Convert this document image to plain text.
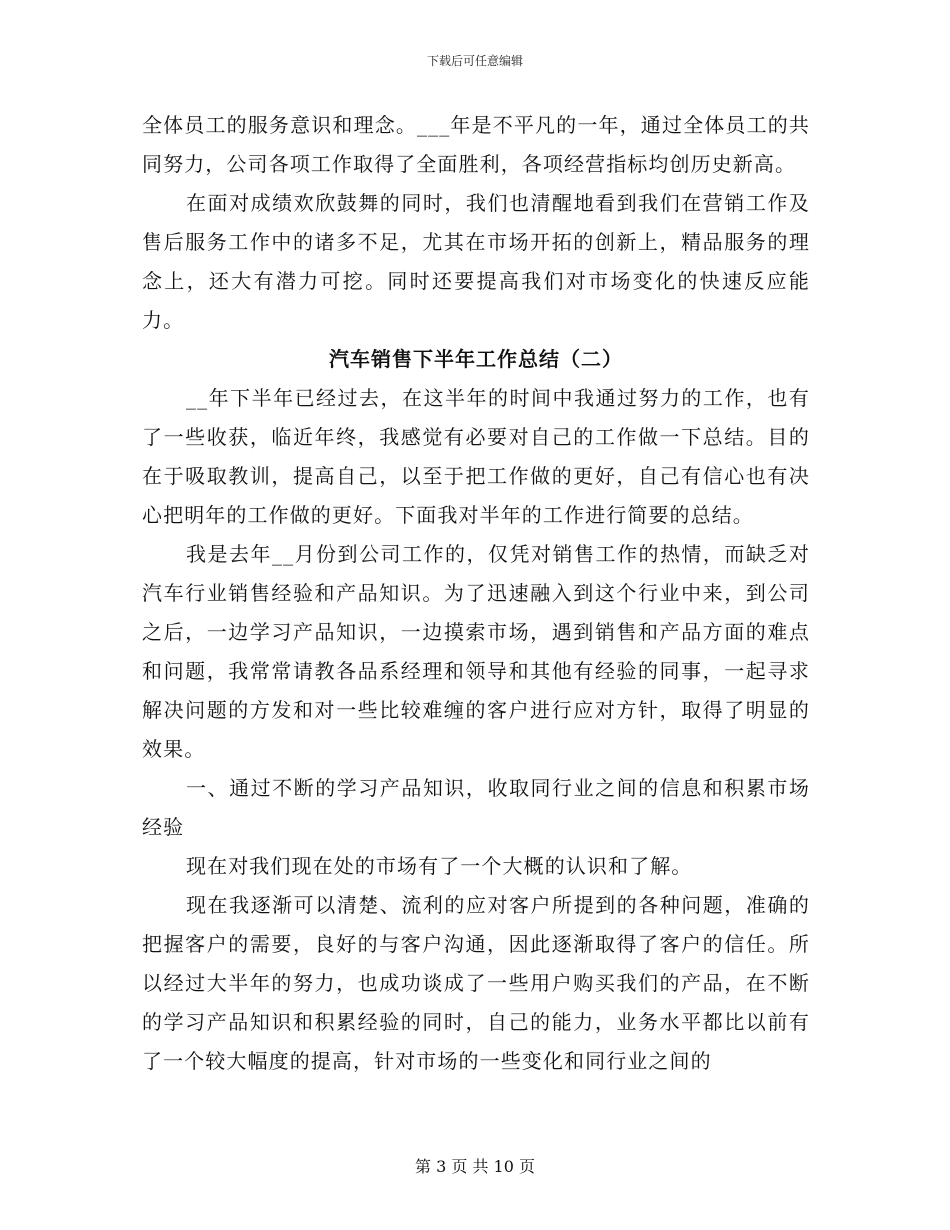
下载后可任意编辑

全体员工的服务意识和理念。___年是不平凡的一年，通过全体员工的共同努力，公司各项工作取得了全面胜利，各项经营指标均创历史新高。

在面对成绩欢欣鼓舞的同时，我们也清醒地看到我们在营销工作及售后服务工作中的诸多不足，尤其在市场开拓的创新上，精品服务的理念上，还大有潜力可挖。同时还要提高我们对市场变化的快速反应能力。

汽车销售下半年工作总结（二）

__年下半年已经过去，在这半年的时间中我通过努力的工作，也有了一些收获，临近年终，我感觉有必要对自己的工作做一下总结。目的在于吸取教训，提高自己，以至于把工作做的更好，自己有信心也有决心把明年的工作做的更好。下面我对半年的工作进行简要的总结。

我是去年__月份到公司工作的，仅凭对销售工作的热情，而缺乏对汽车行业销售经验和产品知识。为了迅速融入到这个行业中来，到公司之后，一边学习产品知识，一边摸索市场，遇到销售和产品方面的难点和问题，我常常请教各品系经理和领导和其他有经验的同事，一起寻求解决问题的方发和对一些比较难缠的客户进行应对方针，取得了明显的效果。

一、通过不断的学习产品知识，收取同行业之间的信息和积累市场经验

现在对我们现在处的市场有了一个大概的认识和了解。

现在我逐渐可以清楚、流利的应对客户所提到的各种问题，准确的把握客户的需要，良好的与客户沟通，因此逐渐取得了客户的信任。所以经过大半年的努力，也成功谈成了一些用户购买我们的产品，在不断的学习产品知识和积累经验的同时，自己的能力，业务水平都比以前有了一个较大幅度的提高，针对市场的一些变化和同行业之间的

第 3 页 共 10 页
